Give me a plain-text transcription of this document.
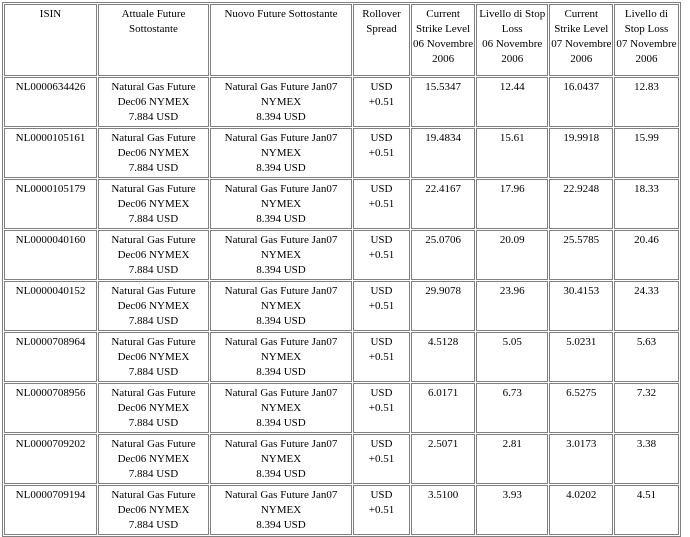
ISIN	Attuale Future
Sottostante	Nuovo Future Sottostante	Rollover
Spread	Current
Strike Level
06 Novembre
2006	Livello di Stop
Loss
06 Novembre
2006	Current
Strike Level
07 Novembre
2006	Livello di
Stop Loss
07 Novembre
2006

NL0000634426	Natural Gas Future
Dec06 NYMEX
7.884 USD	Natural Gas Future Jan07
NYMEX
8.394 USD	USD
+0.51	15.5347	12.44	16.0437	12.83
NL0000105161	Natural Gas Future
Dec06 NYMEX
7.884 USD	Natural Gas Future Jan07
NYMEX
8.394 USD	USD
+0.51	19.4834	15.61	19.9918	15.99
NL0000105179	Natural Gas Future
Dec06 NYMEX
7.884 USD	Natural Gas Future Jan07
NYMEX
8.394 USD	USD
+0.51	22.4167	17.96	22.9248	18.33
NL0000040160	Natural Gas Future
Dec06 NYMEX
7.884 USD	Natural Gas Future Jan07
NYMEX
8.394 USD	USD
+0.51	25.0706	20.09	25.5785	20.46
NL0000040152	Natural Gas Future
Dec06 NYMEX
7.884 USD	Natural Gas Future Jan07
NYMEX
8.394 USD	USD
+0.51	29.9078	23.96	30.4153	24.33
NL0000708964	Natural Gas Future
Dec06 NYMEX
7.884 USD	Natural Gas Future Jan07
NYMEX
8.394 USD	USD
+0.51	4.5128	5.05	5.0231	5.63
NL0000708956	Natural Gas Future
Dec06 NYMEX
7.884 USD	Natural Gas Future Jan07
NYMEX
8.394 USD	USD
+0.51	6.0171	6.73	6.5275	7.32
NL0000709202	Natural Gas Future
Dec06 NYMEX
7.884 USD	Natural Gas Future Jan07
NYMEX
8.394 USD	USD
+0.51	2.5071	2.81	3.0173	3.38
NL0000709194	Natural Gas Future
Dec06 NYMEX
7.884 USD	Natural Gas Future Jan07
NYMEX
8.394 USD	USD
+0.51	3.5100	3.93	4.0202	4.51
